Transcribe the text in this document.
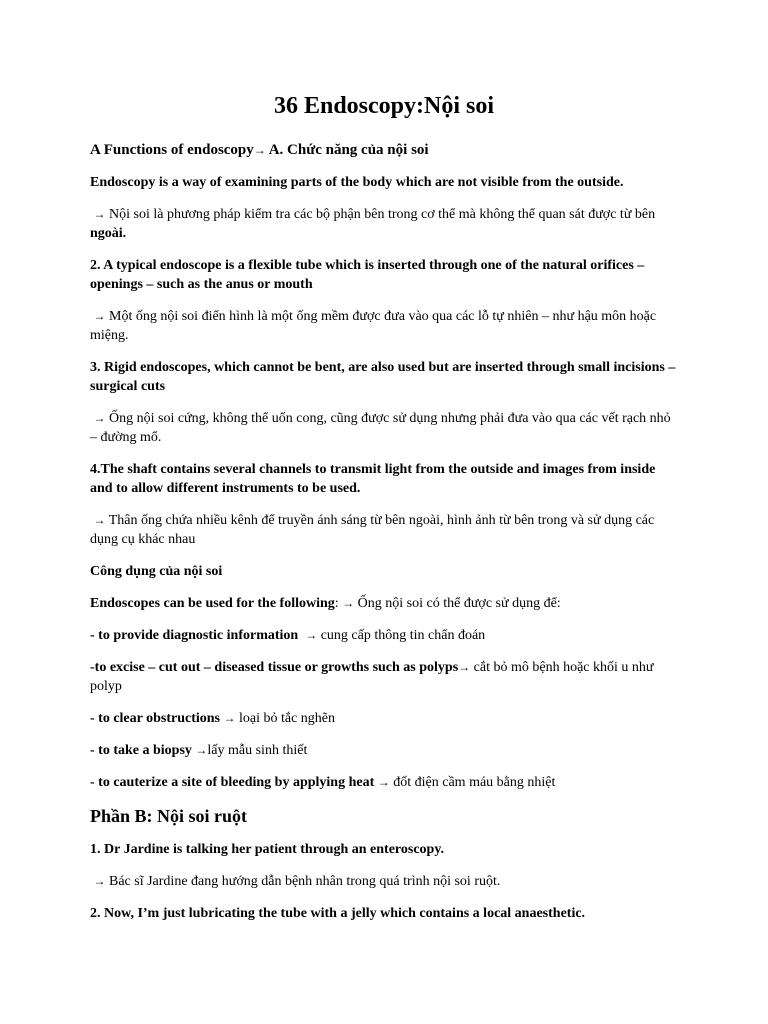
36 Endoscopy:Nội soi

A Functions of endoscopy→ A. Chức năng của nội soi

Endoscopy is a way of examining parts of the body which are not visible from the outside.

→ Nội soi là phương pháp kiểm tra các bộ phận bên trong cơ thể mà không thể quan sát được từ bên ngoài.

2. A typical endoscope is a flexible tube which is inserted through one of the natural orifices – openings – such as the anus or mouth

→ Một ống nội soi điển hình là một ống mềm được đưa vào qua các lỗ tự nhiên – như hậu môn hoặc miệng.

3. Rigid endoscopes, which cannot be bent, are also used but are inserted through small incisions – surgical cuts

→ Ống nội soi cứng, không thể uốn cong, cũng được sử dụng nhưng phải đưa vào qua các vết rạch nhỏ – đường mổ.

4.The shaft contains several channels to transmit light from the outside and images from inside and to allow different instruments to be used.

→ Thân ống chứa nhiều kênh để truyền ánh sáng từ bên ngoài, hình ảnh từ bên trong và sử dụng các dụng cụ khác nhau

Công dụng của nội soi

Endoscopes can be used for the following: → Ống nội soi có thể được sử dụng để:

- to provide diagnostic information  → cung cấp thông tin chẩn đoán

-to excise – cut out – diseased tissue or growths such as polyps→ cắt bỏ mô bệnh hoặc khối u như polyp

- to clear obstructions → loại bỏ tắc nghẽn

- to take a biopsy →lấy mẫu sinh thiết

- to cauterize a site of bleeding by applying heat → đốt điện cầm máu bằng nhiệt

Phần B: Nội soi ruột

1. Dr Jardine is talking her patient through an enteroscopy.

→ Bác sĩ Jardine đang hướng dẫn bệnh nhân trong quá trình nội soi ruột.

2. Now, I’m just lubricating the tube with a jelly which contains a local anaesthetic.
